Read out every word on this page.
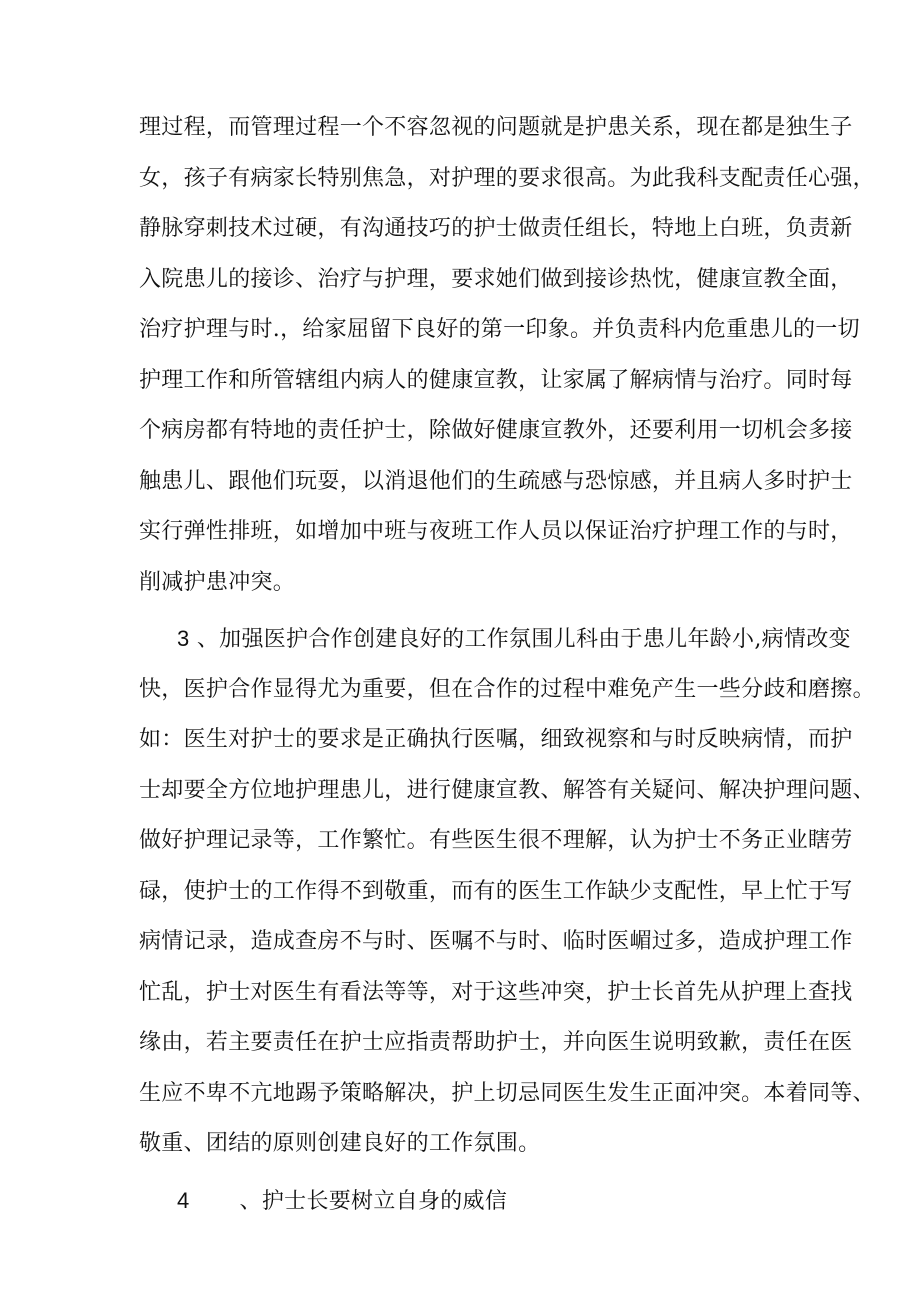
理过程，而管理过程一个不容忽视的问题就是护患关系，现在都是独生子
女，孩子有病家长特别焦急，对护理的要求很高。为此我科支配责任心强，
静脉穿刺技术过硬，有沟通技巧的护士做责任组长，特地上白班，负责新
入院患儿的接诊、治疗与护理，要求她们做到接诊热忱，健康宣教全面，
治疗护理与时.，给家屈留下良好的第一印象。并负责科内危重患儿的一切
护理工作和所管辖组内病人的健康宣教，让家属了解病情与治疗。同时每
个病房都有特地的责任护士，除做好健康宣教外，还要利用一切机会多接
触患儿、跟他们玩耍，以消退他们的生疏感与恐惊感，并且病人多时护士
实行弹性排班，如增加中班与夜班工作人员以保证治疗护理工作的与时，
削减护患冲突。
3 、加强医护合作创建良好的工作氛围儿科由于患儿年龄小,病情改变
快，医护合作显得尤为重要，但在合作的过程中难免产生一些分歧和磨擦。
如：医生对护士的要求是正确执行医嘱，细致视察和与时反映病情，而护
士却要全方位地护理患儿，进行健康宣教、解答有关疑问、解决护理问题、
做好护理记录等，工作繁忙。有些医生很不理解，认为护士不务正业瞎劳
碌，使护士的工作得不到敬重，而有的医生工作缺少支配性，早上忙于写
病情记录，造成查房不与时、医嘱不与时、临时医嵋过多，造成护理工作
忙乱，护士对医生有看法等等，对于这些冲突，护士长首先从护理上查找
缘由，若主要责任在护士应指责帮助护士，并向医生说明致歉，责任在医
生应不卑不亢地踢予策略解决，护上切忌同医生发生正面冲突。本着同等、
敬重、团结的原则创建良好的工作氛围。
4 、护士长要树立自身的威信
